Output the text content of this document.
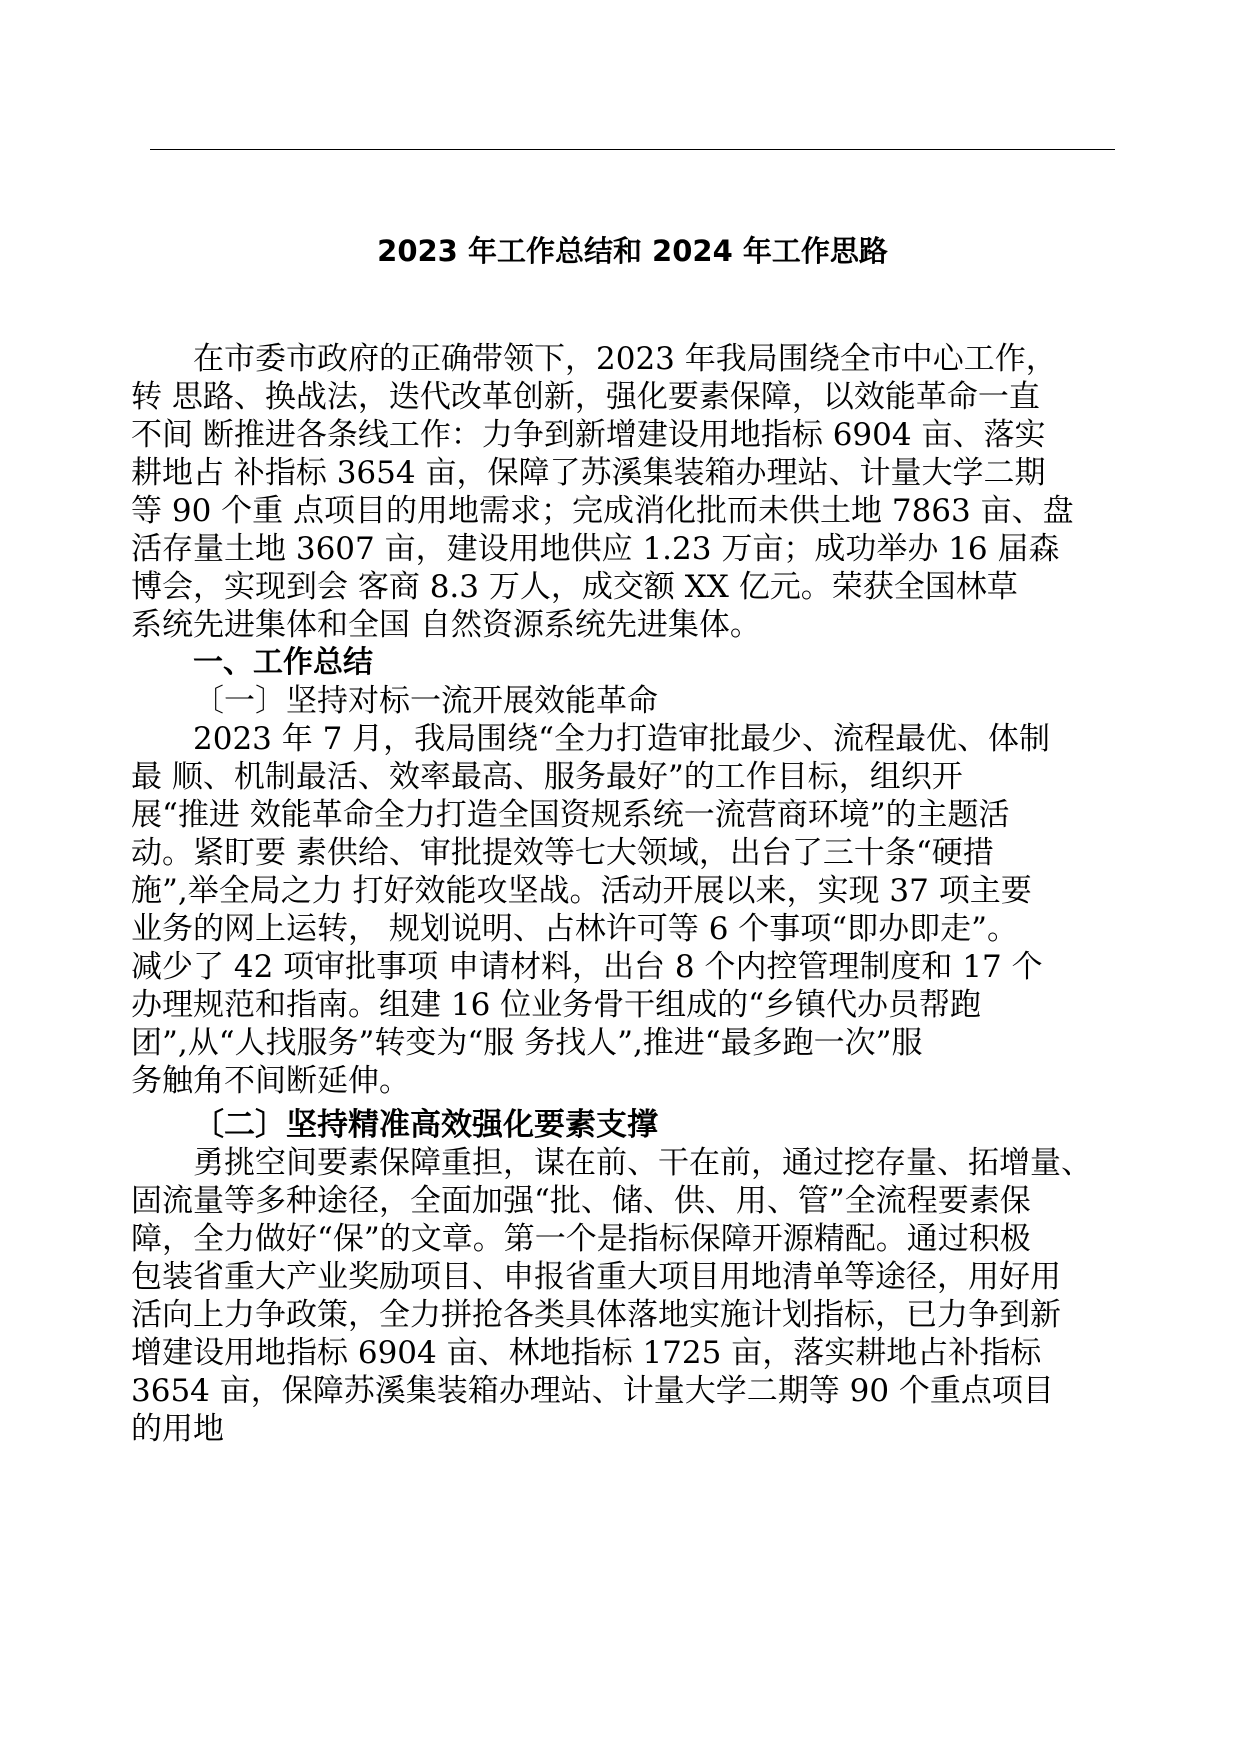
2023 年工作总结和 2024 年工作思路
在市委市政府的正确带领下，2023 年我局围绕全市中心工作，
转 思路、换战法，迭代改革创新，强化要素保障，以效能革命一直
不间 断推进各条线工作：力争到新增建设用地指标 6904 亩、落实
耕地占 补指标 3654 亩，保障了苏溪集装箱办理站、计量大学二期
等 90 个重 点项目的用地需求；完成消化批而未供土地 7863 亩、盘
活存量土地 3607 亩，建设用地供应 1.23 万亩；成功举办 16 届森
博会，实现到会 客商 8.3 万人，成交额 XX 亿元。荣获全国林草
系统先进集体和全国 自然资源系统先进集体。
一、工作总结
〔一〕坚持对标一流开展效能革命
2023 年 7 月，我局围绕“全力打造审批最少、流程最优、体制
最 顺、机制最活、效率最高、服务最好”的工作目标，组织开
展“推进 效能革命全力打造全国资规系统一流营商环境”的主题活
动。紧盯要 素供给、审批提效等七大领域，出台了三十条“硬措
施”,举全局之力 打好效能攻坚战。活动开展以来，实现 37 项主要
业务的网上运转， 规划说明、占林许可等 6 个事项“即办即走”。
减少了 42 项审批事项 申请材料，出台 8 个内控管理制度和 17 个
办理规范和指南。组建 16 位业务骨干组成的“乡镇代办员帮跑
团”,从“人找服务”转变为“服 务找人”,推进“最多跑一次”服
务触角不间断延伸。
〔二〕坚持精准高效强化要素支撑
勇挑空间要素保障重担，谋在前、干在前，通过挖存量、拓增量、
固流量等多种途径，全面加强“批、储、供、用、管”全流程要素保
障，全力做好“保”的文章。第一个是指标保障开源精配。通过积极
包装省重大产业奖励项目、申报省重大项目用地清单等途径，用好用
活向上力争政策，全力拼抢各类具体落地实施计划指标，已力争到新
增建设用地指标 6904 亩、林地指标 1725 亩，落实耕地占补指标
3654 亩，保障苏溪集装箱办理站、计量大学二期等 90 个重点项目
的用地
